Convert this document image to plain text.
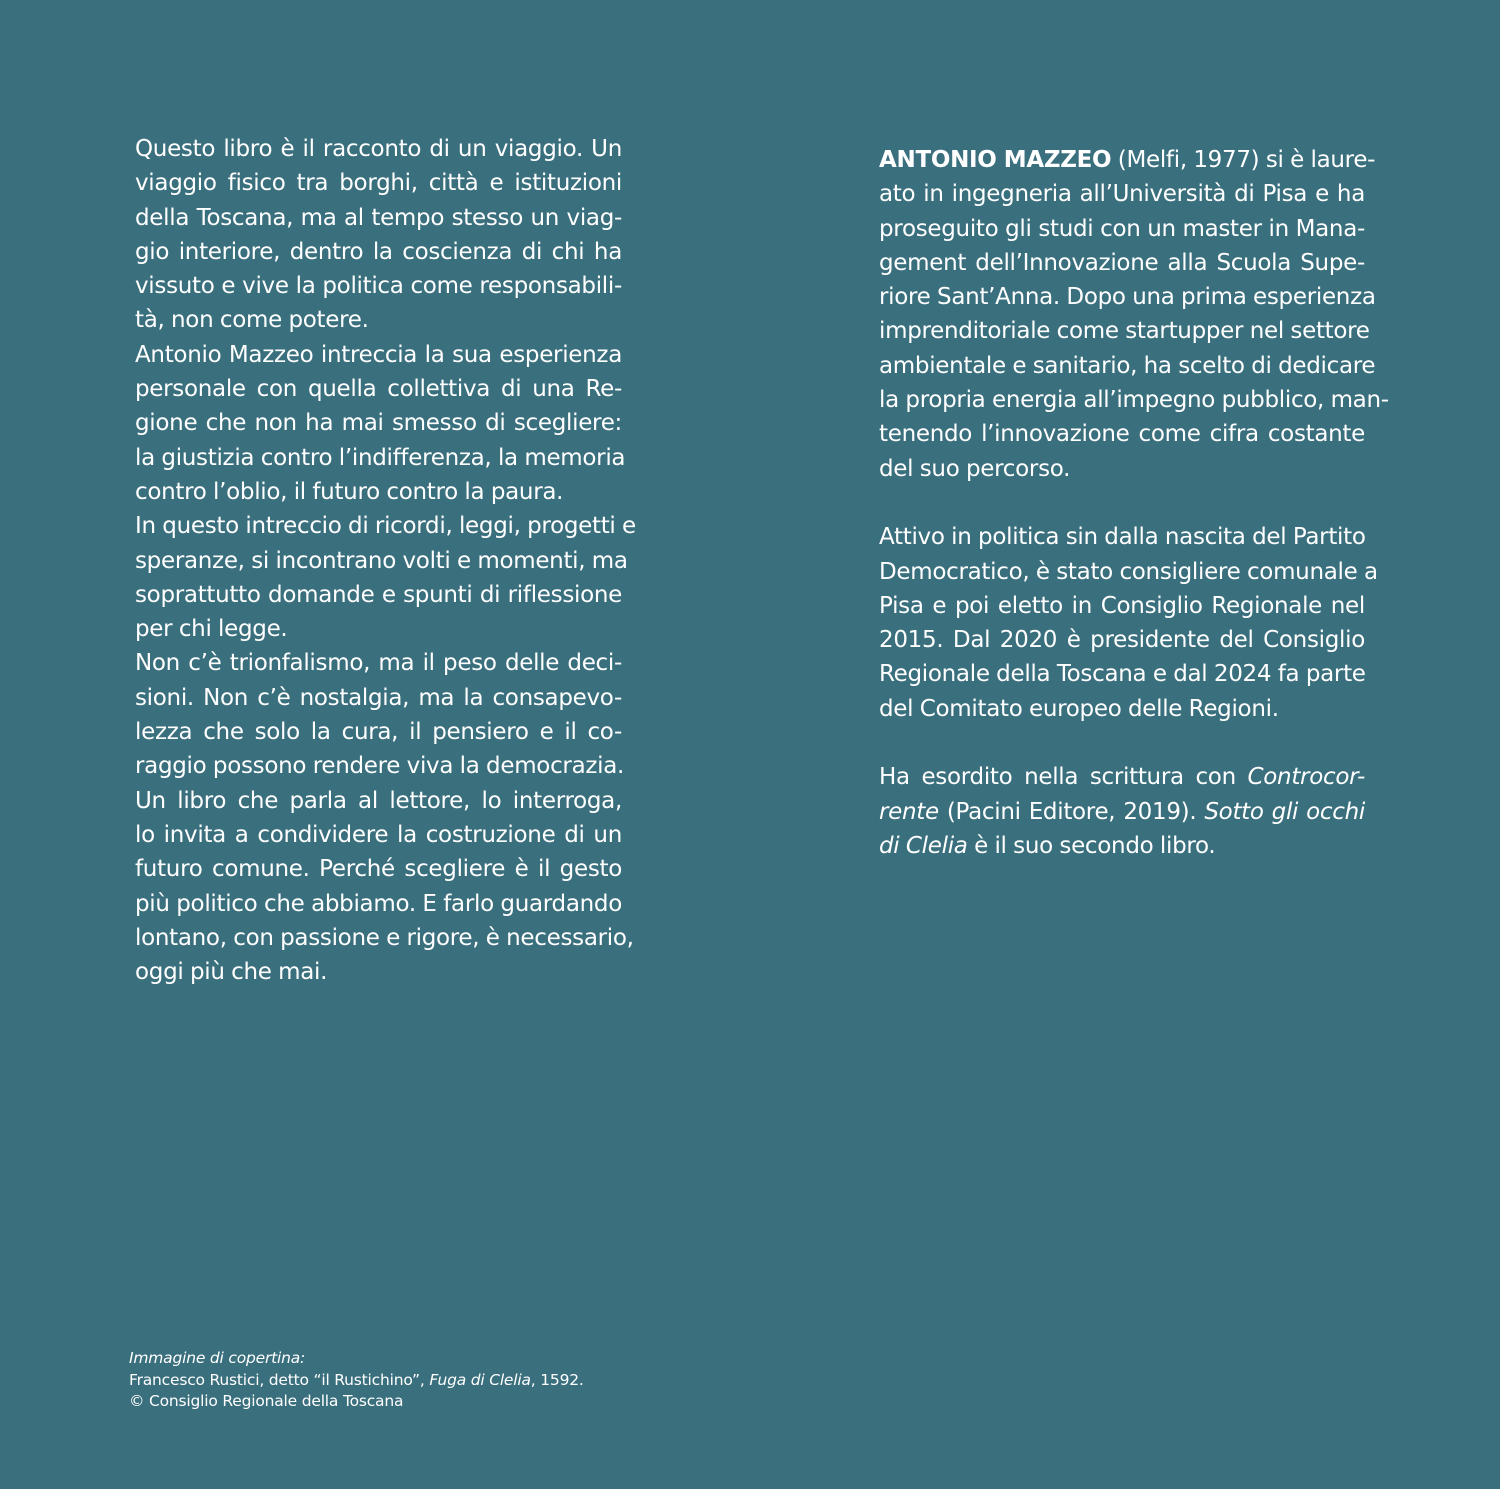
Questo libro è il racconto di un viaggio. Un
viaggio fisico tra borghi, città e istituzioni
della Toscana, ma al tempo stesso un viag-
gio interiore, dentro la coscienza di chi ha
vissuto e vive la politica come responsabili-
tà, non come potere.
Antonio Mazzeo intreccia la sua esperienza
personale con quella collettiva di una Re-
gione che non ha mai smesso di scegliere:
la giustizia contro l’indifferenza, la memoria
contro l’oblio, il futuro contro la paura.
In questo intreccio di ricordi, leggi, progetti e
speranze, si incontrano volti e momenti, ma
soprattutto domande e spunti di riflessione
per chi legge.
Non c’è trionfalismo, ma il peso delle deci-
sioni. Non c’è nostalgia, ma la consapevo-
lezza che solo la cura, il pensiero e il co-
raggio possono rendere viva la democrazia.
Un libro che parla al lettore, lo interroga,
lo invita a condividere la costruzione di un
futuro comune. Perché scegliere è il gesto
più politico che abbiamo. E farlo guardando
lontano, con passione e rigore, è necessario,
oggi più che mai.
ANTONIO MAZZEO (Melfi, 1977) si è laure-
ato in ingegneria all’Università di Pisa e ha
proseguito gli studi con un master in Mana-
gement dell’Innovazione alla Scuola Supe-
riore Sant’Anna. Dopo una prima esperienza
imprenditoriale come startupper nel settore
ambientale e sanitario, ha scelto di dedicare
la propria energia all’impegno pubblico, man-
tenendo l’innovazione come cifra costante
del suo percorso.
Attivo in politica sin dalla nascita del Partito
Democratico, è stato consigliere comunale a
Pisa e poi eletto in Consiglio Regionale nel
2015. Dal 2020 è presidente del Consiglio
Regionale della Toscana e dal 2024 fa parte
del Comitato europeo delle Regioni.
Ha esordito nella scrittura con Controcor-
rente (Pacini Editore, 2019). Sotto gli occhi
di Clelia è il suo secondo libro.
Immagine di copertina:
Francesco Rustici, detto “il Rustichino”, Fuga di Clelia, 1592.
© Consiglio Regionale della Toscana
